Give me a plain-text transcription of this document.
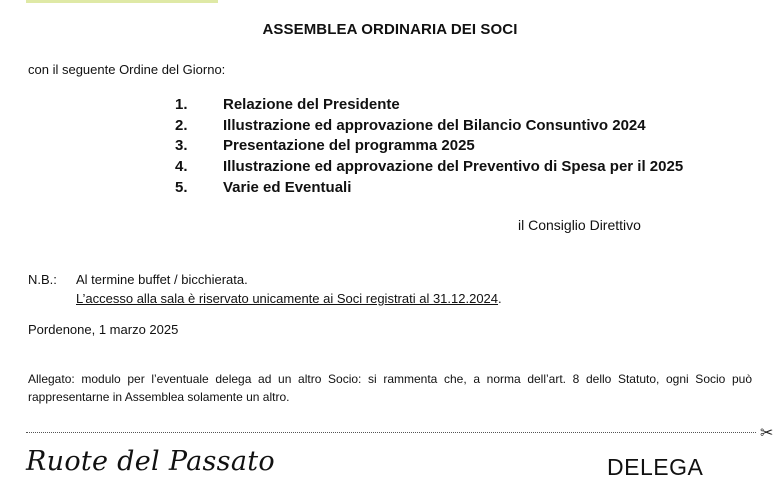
ASSEMBLEA ORDINARIA DEI SOCI
con il seguente Ordine del Giorno:
1. Relazione del Presidente
2. Illustrazione ed approvazione del Bilancio Consuntivo 2024
3. Presentazione del programma 2025
4. Illustrazione ed approvazione del Preventivo di Spesa per il 2025
5. Varie ed Eventuali
il Consiglio Direttivo
N.B.: Al termine buffet / bicchierata.
L’accesso alla sala è riservato unicamente ai Soci registrati al 31.12.2024.
Pordenone, 1 marzo 2025
Allegato: modulo per l’eventuale delega ad un altro Socio: si rammenta che, a norma dell’art. 8 dello Statuto, ogni Socio può rappresentarne in Assemblea solamente un altro.
✂
Ruote del Passato	DELEGA
